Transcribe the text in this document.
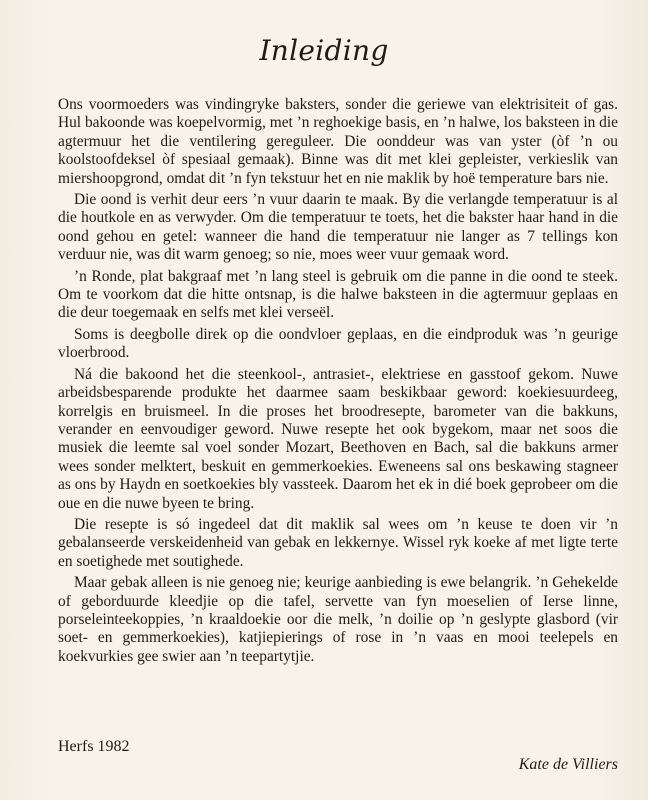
Inleiding

Ons voormoeders was vindingryke baksters, sonder die geriewe van elektrisiteit of gas. Hul bakoonde was koepelvormig, met ’n reghoekige basis, en ’n halwe, los baksteen in die agtermuur het die ventilering gereguleer. Die oonddeur was van yster (òf ’n ou koolstoofdeksel òf spesiaal gemaak). Binne was dit met klei gepleister, verkieslik van miershoopgrond, omdat dit ’n fyn tekstuur het en nie maklik by hoë temperature bars nie.

Die oond is verhit deur eers ’n vuur daarin te maak. By die verlangde temperatuur is al die houtkole en as verwyder. Om die temperatuur te toets, het die bakster haar hand in die oond gehou en getel: wanneer die hand die temperatuur nie langer as 7 tellings kon verduur nie, was dit warm genoeg; so nie, moes weer vuur gemaak word.

’n Ronde, plat bakgraaf met ’n lang steel is gebruik om die panne in die oond te steek. Om te voorkom dat die hitte ontsnap, is die halwe baksteen in die agtermuur geplaas en die deur toegemaak en selfs met klei verseël.

Soms is deegbolle direk op die oondvloer geplaas, en die eindproduk was ’n geurige vloerbrood.

Ná die bakoond het die steenkool-, antrasiet-, elektriese en gasstoof gekom. Nuwe arbeidsbesparende produkte het daarmee saam beskikbaar geword: koekiesuurdeeg, korrelgis en bruismeel. In die proses het broodresepte, barometer van die bakkuns, verander en eenvoudiger geword. Nuwe resepte het ook bygekom, maar net soos die musiek die leemte sal voel sonder Mozart, Beethoven en Bach, sal die bakkuns armer wees sonder melktert, beskuit en gemmerkoekies. Eweneens sal ons beskawing stagneer as ons by Haydn en soetkoekies bly vassteek. Daarom het ek in dié boek geprobeer om die oue en die nuwe byeen te bring.

Die resepte is só ingedeel dat dit maklik sal wees om ’n keuse te doen vir ’n gebalanseerde verskeidenheid van gebak en lekkernye. Wissel ryk koeke af met ligte terte en soetighede met soutighede.

Maar gebak alleen is nie genoeg nie; keurige aanbieding is ewe belangrik. ’n Gehekelde of geborduurde kleedjie op die tafel, servette van fyn moeselien of Ierse linne, porseleinteekoppies, ’n kraaldoekie oor die melk, ’n doilie op ’n geslypte glasbord (vir soet- en gemmerkoekies), katjiepierings of rose in ’n vaas en mooi teelepels en koekvurkies gee swier aan ’n teepartytjie.

Herfs 1982
Kate de Villiers
